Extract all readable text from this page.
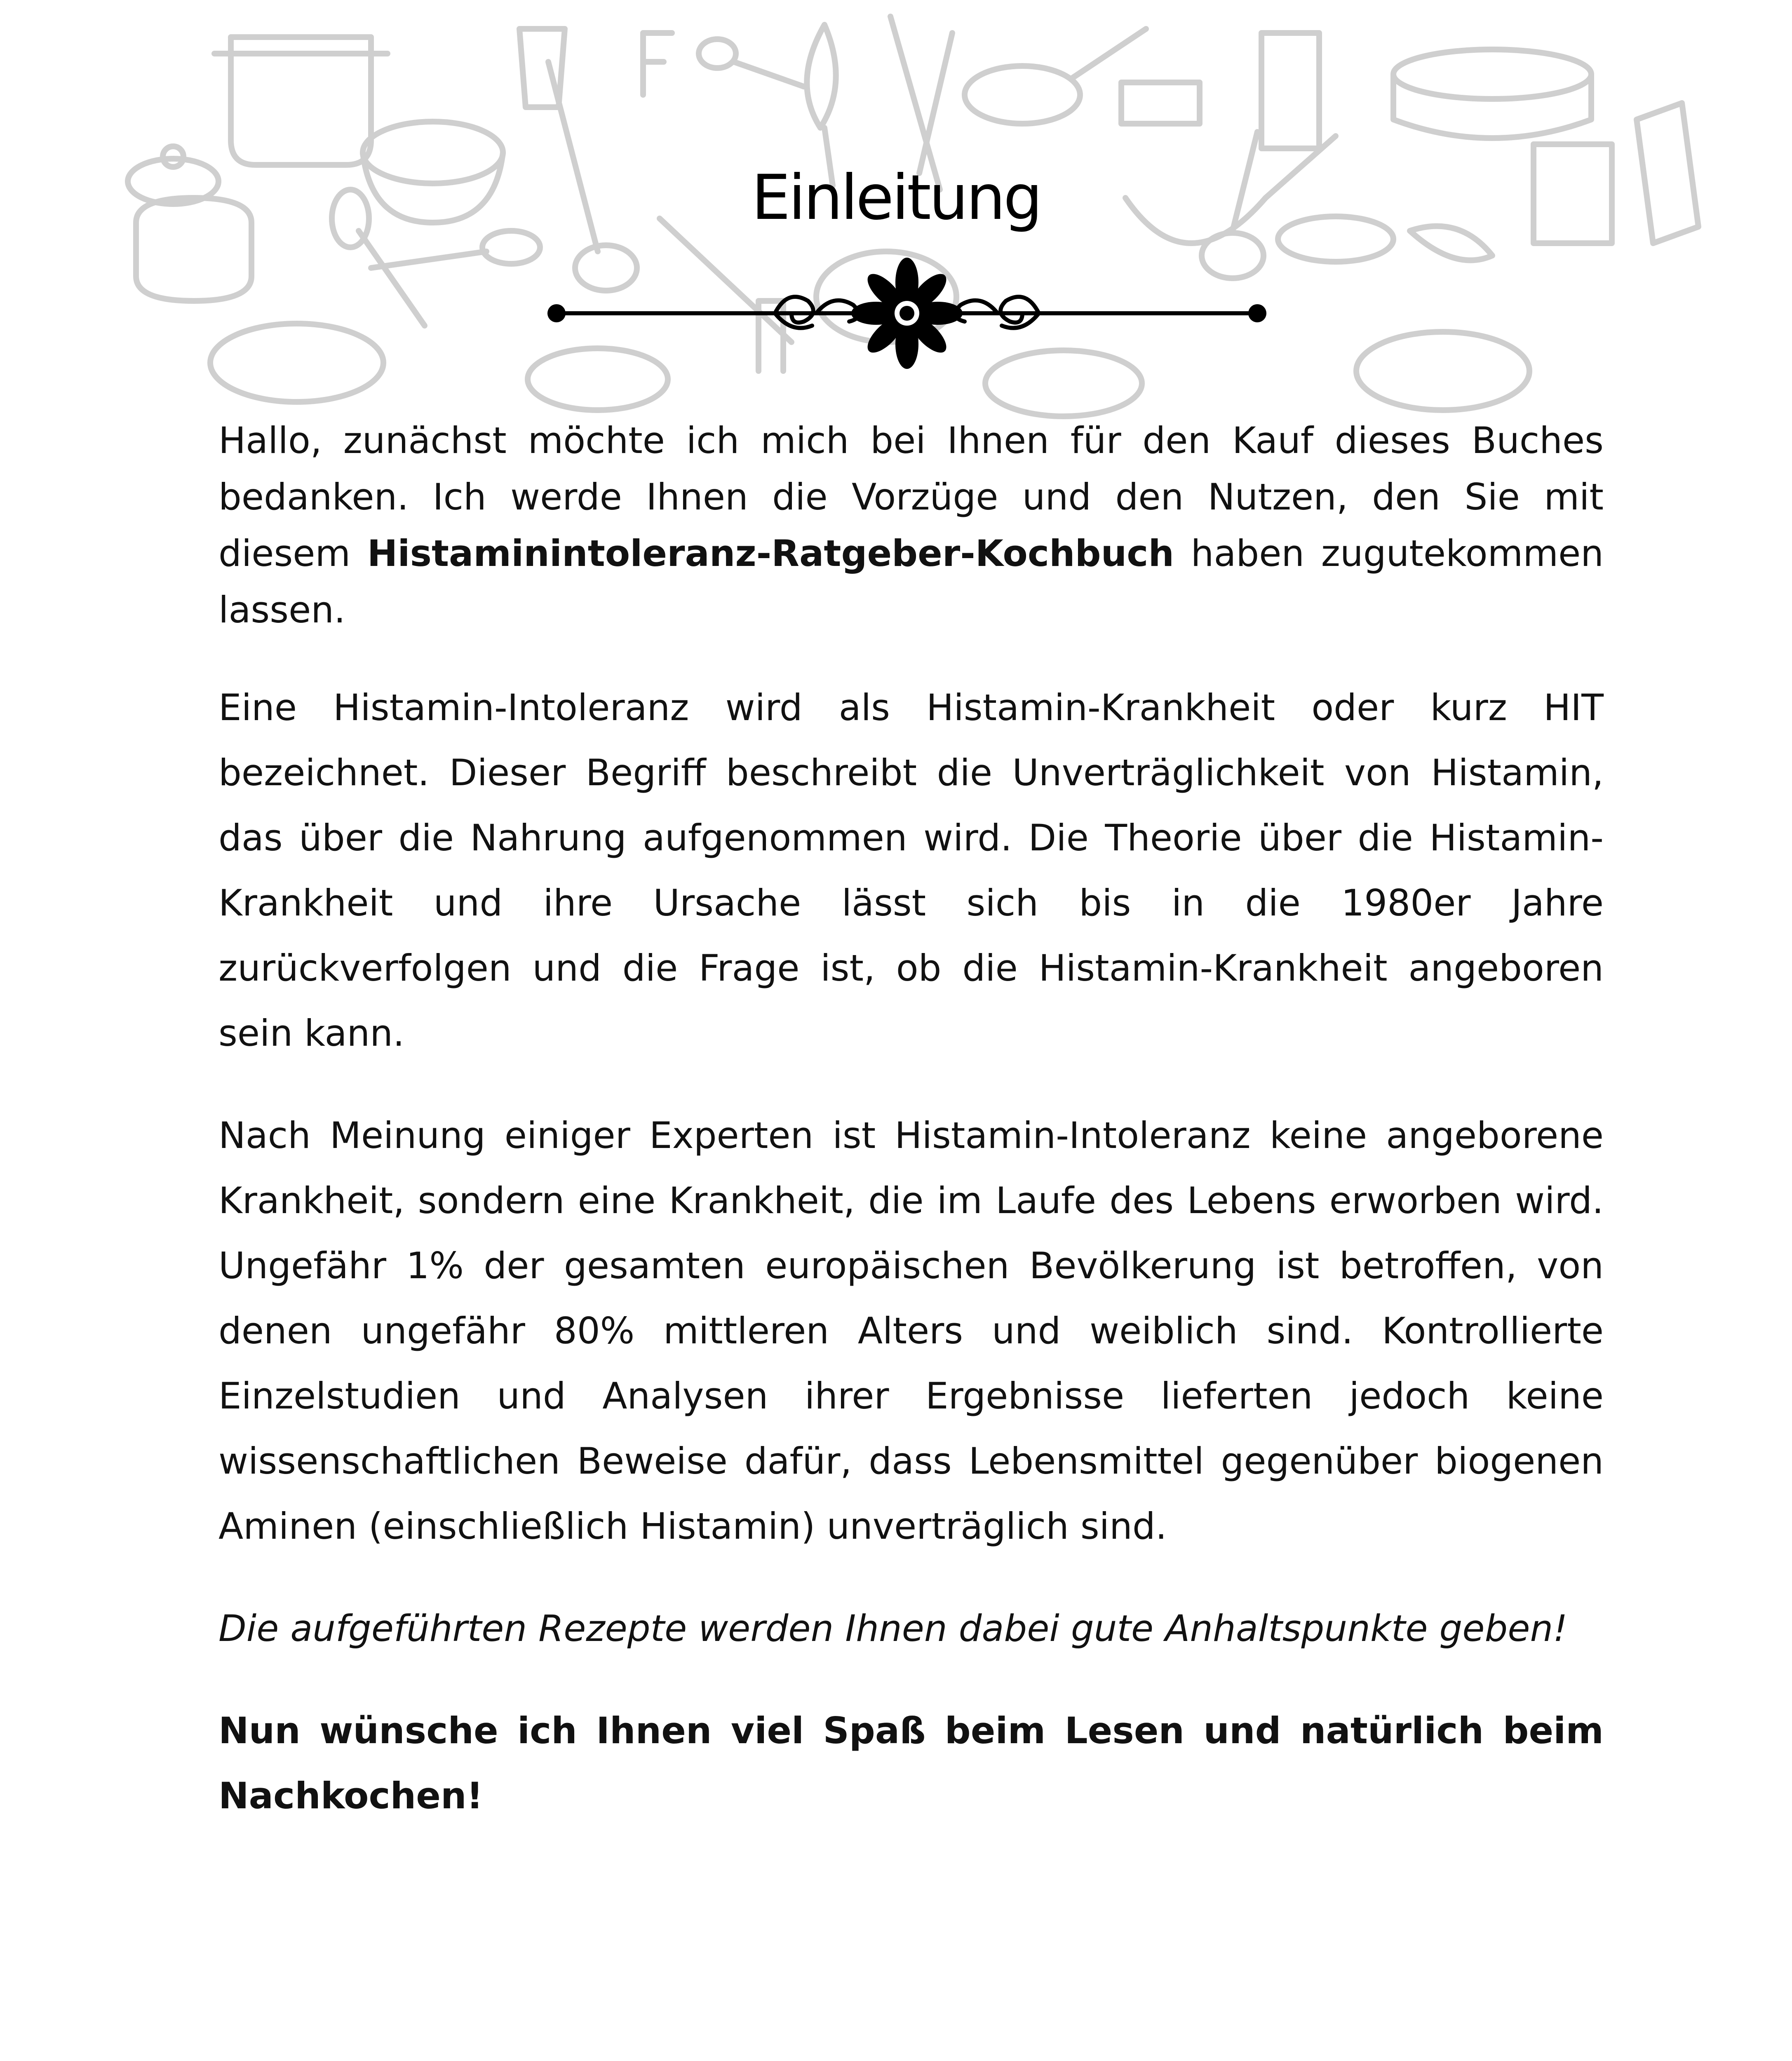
Einleitung

Hallo, zunächst möchte ich mich bei Ihnen für den Kauf dieses Buches bedanken. Ich werde Ihnen die Vorzüge und den Nutzen, den Sie mit diesem Histaminintoleranz-Ratgeber-Kochbuch haben zugutekommen lassen.

Eine Histamin-Intoleranz wird als Histamin-Krankheit oder kurz HIT bezeichnet. Dieser Begriff beschreibt die Unverträglichkeit von Histamin, das über die Nahrung aufgenommen wird. Die Theorie über die Histamin-Krankheit und ihre Ursache lässt sich bis in die 1980er Jahre zurückverfolgen und die Frage ist, ob die Histamin-Krankheit angeboren sein kann.

Nach Meinung einiger Experten ist Histamin-Intoleranz keine angeborene Krankheit, sondern eine Krankheit, die im Laufe des Lebens erworben wird. Ungefähr 1% der gesamten europäischen Bevölkerung ist betroffen, von denen ungefähr 80% mittleren Alters und weiblich sind. Kontrollierte Einzelstudien und Analysen ihrer Ergebnisse lieferten jedoch keine wissenschaftlichen Beweise dafür, dass Lebensmittel gegenüber biogenen Aminen (einschließlich Histamin) unverträglich sind.

Die aufgeführten Rezepte werden Ihnen dabei gute Anhaltspunkte geben!

Nun wünsche ich Ihnen viel Spaß beim Lesen und natürlich beim Nachkochen!
